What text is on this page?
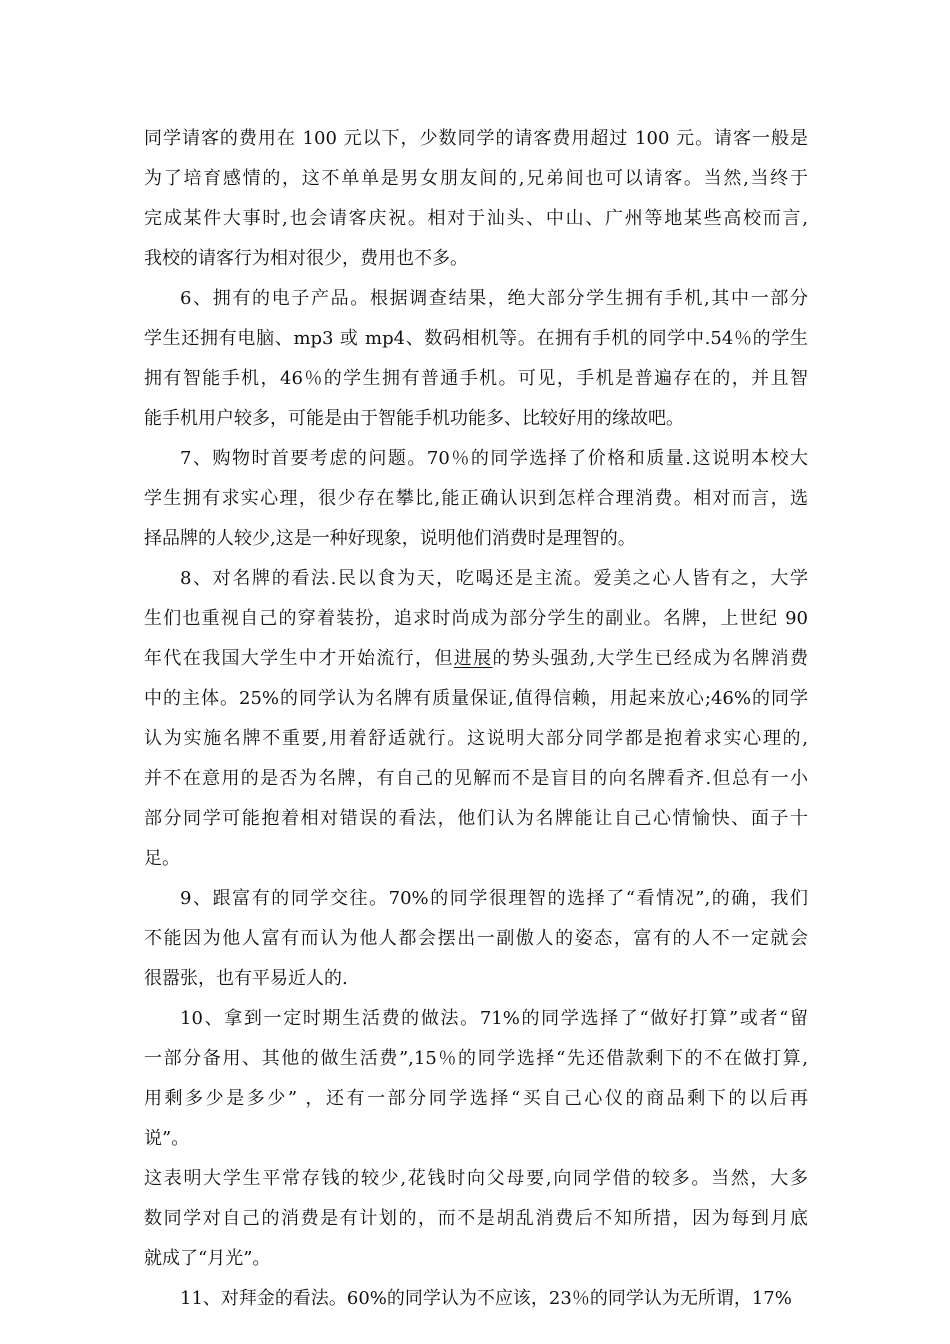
同学请客的费用在 100 元以下，少数同学的请客费用超过 100 元。请客一般是
为了培育感情的，这不单单是男女朋友间的,兄弟间也可以请客。当然,当终于
完成某件大事时,也会请客庆祝。相对于汕头、中山、广州等地某些高校而言,
我校的请客行为相对很少，费用也不多。

6、拥有的电子产品。根据调查结果，绝大部分学生拥有手机,其中一部分
学生还拥有电脑、mp3 或 mp4、数码相机等。在拥有手机的同学中.54％的学生
拥有智能手机，46％的学生拥有普通手机。可见，手机是普遍存在的，并且智
能手机用户较多，可能是由于智能手机功能多、比较好用的缘故吧。

7、购物时首要考虑的问题。70％的同学选择了价格和质量.这说明本校大
学生拥有求实心理，很少存在攀比,能正确认识到怎样合理消费。相对而言，选
择品牌的人较少,这是一种好现象，说明他们消费时是理智的。

8、对名牌的看法.民以食为天，吃喝还是主流。爱美之心人皆有之，大学
生们也重视自己的穿着装扮，追求时尚成为部分学生的副业。名牌，上世纪 90
年代在我国大学生中才开始流行，但进展的势头强劲,大学生已经成为名牌消费
中的主体。25%的同学认为名牌有质量保证,值得信赖，用起来放心;46%的同学
认为实施名牌不重要,用着舒适就行。这说明大部分同学都是抱着求实心理的,
并不在意用的是否为名牌，有自己的见解而不是盲目的向名牌看齐.但总有一小
部分同学可能抱着相对错误的看法，他们认为名牌能让自己心情愉快、面子十
足。

9、跟富有的同学交往。70%的同学很理智的选择了“看情况”,的确，我们
不能因为他人富有而认为他人都会摆出一副傲人的姿态，富有的人不一定就会
很嚣张，也有平易近人的.

10、拿到一定时期生活费的做法。71%的同学选择了“做好打算”或者“留
一部分备用、其他的做生活费”,15％的同学选择“先还借款剩下的不在做打算,
用剩多少是多少” ，还有一部分同学选择“买自己心仪的商品剩下的以后再
说”。

这表明大学生平常存钱的较少,花钱时向父母要,向同学借的较多。当然，大多
数同学对自己的消费是有计划的，而不是胡乱消费后不知所措，因为每到月底
就成了“月光”。

11、对拜金的看法。60%的同学认为不应该，23％的同学认为无所谓，17%
